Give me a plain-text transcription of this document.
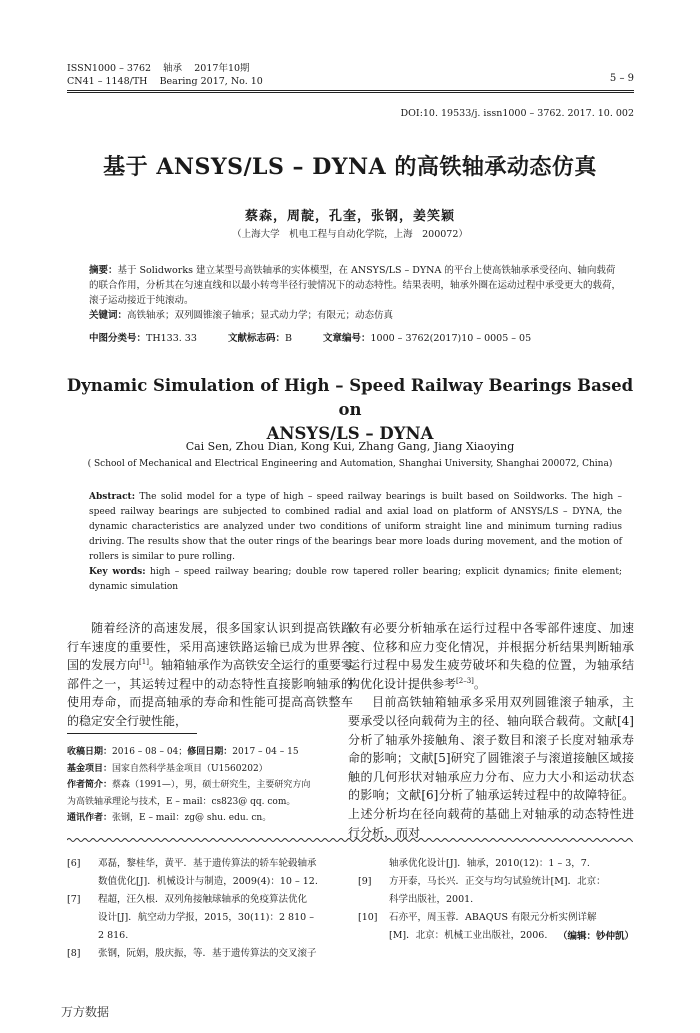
ISSN1000 – 3762 轴承 2017年10期
CN41 – 1148/TH Bearing 2017, No. 10	5 – 9
DOI:10. 19533/j. issn1000 – 3762. 2017. 10. 002
基于 ANSYS/LS – DYNA 的高铁轴承动态仿真
蔡森，周靛，孔奎，张钢，姜笑颖
（上海大学　机电工程与自动化学院，上海　200072）
摘要：基于 Solidworks 建立某型号高铁轴承的实体模型，在 ANSYS/LS – DYNA 的平台上使高铁轴承承受径向、轴向载荷的联合作用，分析其在匀速直线和以最小转弯半径行驶情况下的动态特性。结果表明，轴承外圈在运动过程中承受更大的载荷，滚子运动接近于纯滚动。
关键词：高铁轴承；双列圆锥滚子轴承；显式动力学；有限元；动态仿真
中图分类号：TH133. 33	文献标志码：B	文章编号：1000 – 3762(2017)10 – 0005 – 05
Dynamic Simulation of High – Speed Railway Bearings Based on
ANSYS/LS – DYNA
Cai Sen, Zhou Dian, Kong Kui, Zhang Gang, Jiang Xiaoying
( School of Mechanical and Electrical Engineering and Automation, Shanghai University, Shanghai 200072, China)
Abstract: The solid model for a type of high – speed railway bearings is built based on Soildworks. The high – speed railway bearings are subjected to combined radial and axial load on platform of ANSYS/LS – DYNA, the dynamic characteristics are analyzed under two conditions of uniform straight line and minimum turning radius driving. The results show that the outer rings of the bearings bear more loads during movement, and the motion of rollers is similar to pure rolling.
Key words: high – speed railway bearing; double row tapered roller bearing; explicit dynamics; finite element; dynamic simulation

随着经济的高速发展，很多国家认识到提高铁路行车速度的重要性，采用高速铁路运输已成为世界各国的发展方向[1]。轴箱轴承作为高铁安全运行的重要零部件之一，其运转过程中的动态特性直接影响轴承的使用寿命，而提高轴承的寿命和性能可提高高铁整车的稳定安全行驶性能，

故有必要分析轴承在运行过程中各零部件速度、加速度、位移和应力变化情况，并根据分析结果判断轴承运行过程中易发生疲劳破坏和失稳的位置，为轴承结构优化设计提供参考[2–3]。

目前高铁轴箱轴承多采用双列圆锥滚子轴承，主要承受以径向载荷为主的径、轴向联合载荷。文献[4]分析了轴承外接触角、滚子数目和滚子长度对轴承寿命的影响；文献[5]研究了圆锥滚子与滚道接触区域接触的几何形状对轴承应力分布、应力大小和运动状态的影响；文献[6]分析了轴承运转过程中的故障特征。上述分析均在径向载荷的基础上对轴承的动态特性进行分析，而对

收稿日期：2016 – 08 – 04；修回日期：2017 – 04 – 15
基金项目：国家自然科学基金项目（U1560202）
作者简介：蔡森（1991—），男，硕士研究生，主要研究方向
为高铁轴承理论与技术，E – mail：cs823@ qq. com。
通讯作者：张钢，E – mail：zg@ shu. edu. cn。
[6] 邓磊，黎桂华，黄平．基于遗传算法的轿车轮毂轴承
数值优化[J]．机械设计与制造，2009(4)：10 – 12.
[7] 程超，汪久根．双列角接触球轴承的免疫算法优化
设计[J]．航空动力学报，2015，30(11)：2 810 –
2 816.
[8] 张钢，阮娟，殷庆振，等．基于遗传算法的交叉滚子
轴承优化设计[J]．轴承，2010(12)：1 – 3，7.
[9] 方开泰，马长兴．正交与均匀试验统计[M]．北京：
科学出版社，2001.
[10] 石亦平，周玉蓉．ABAQUS 有限元分析实例详解
[M]．北京：机械工业出版社，2006.	（编辑：钞仲凯）
万方数据
